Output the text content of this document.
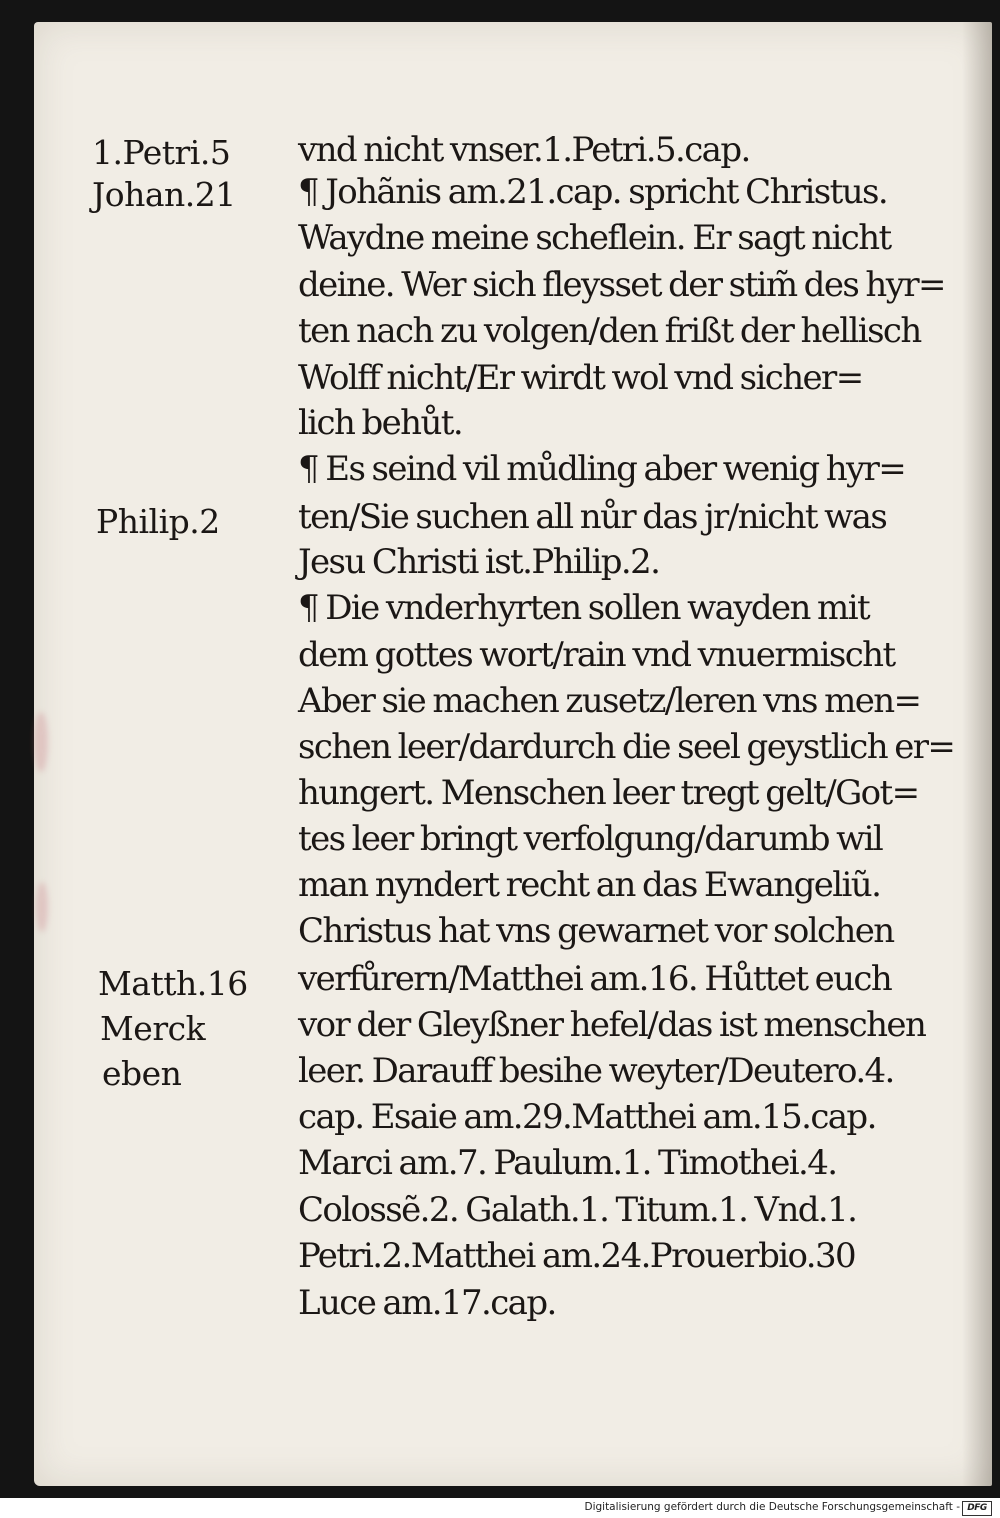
1.Petri.5
Johan.21
Philip.2
Matth.16
Merck
eben
vnd nicht vnser.1.Petri.5.cap.
¶ Johãnis am.21.cap. spricht Christus.
Waydne meine scheflein. Er sagt nicht
deine. Wer sich fleysset der stim̃ des hyr=
ten nach zu volgen/den frißt der hellisch
Wolff nicht/Er wirdt wol vnd sicher=
lich behůt.
¶ Es seind vil můdling aber wenig hyr=
ten/Sie suchen all nůr das jr/nicht was
Jesu Christi ist.Philip.2.
¶ Die vnderhyrten sollen wayden mit
dem gottes wort/rain vnd vnuermischt
Aber sie machen zusetz/leren vns men=
schen leer/dardurch die seel geystlich er=
hungert. Menschen leer tregt gelt/Got=
tes leer bringt verfolgung/darumb wil
man nyndert recht an das Ewangeliũ.
Christus hat vns gewarnet vor solchen
verfůrern/Matthei am.16. Hůttet euch
vor der Gleyßner hefel/das ist menschen
leer. Darauff besihe weyter/Deutero.4.
cap. Esaie am.29.Matthei am.15.cap.
Marci am.7. Paulum.1. Timothei.4.
Colossẽ.2. Galath.1. Titum.1. Vnd.1.
Petri.2.Matthei am.24.Prouerbio.30
Luce am.17.cap.
Digitalisierung gefördert durch die Deutsche Forschungsgemeinschaft - DFG
